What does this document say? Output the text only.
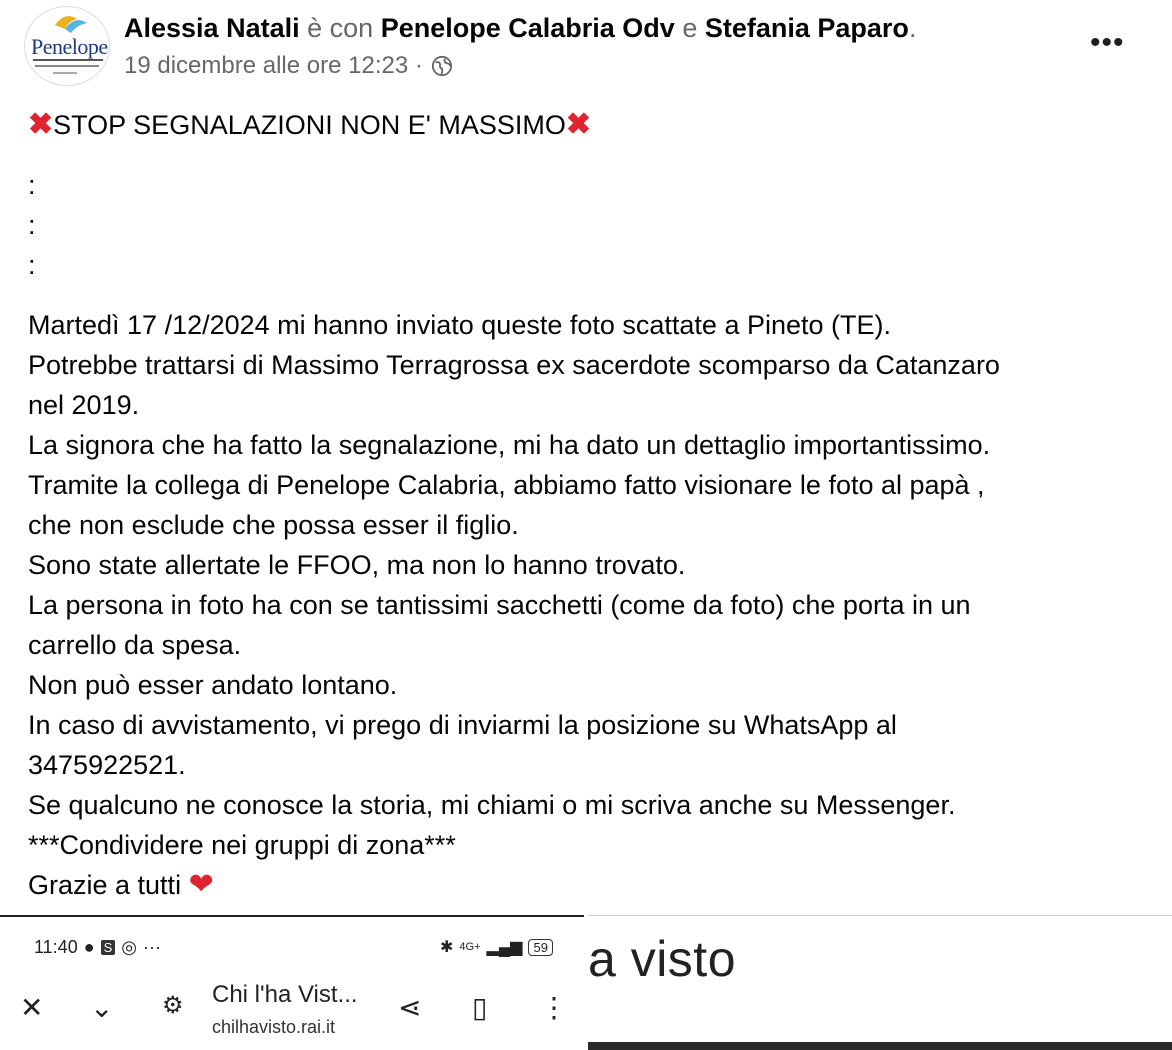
Penelope
Alessia Natali è con Penelope Calabria Odv e Stefania Paparo.
19 dicembre alle ore 12:23 ·
•••
✖STOP SEGNALAZIONI NON E' MASSIMO✖
:
:
:
Martedì 17 /12/2024 mi hanno inviato queste foto scattate a Pineto (TE).
Potrebbe trattarsi di Massimo Terragrossa ex sacerdote scomparso da Catanzaro
nel 2019.
La signora che ha fatto la segnalazione, mi ha dato un dettaglio importantissimo.
Tramite la collega di Penelope Calabria, abbiamo fatto visionare le foto al papà ,
che non esclude che possa esser il figlio.
Sono state allertate le FFOO, ma non lo hanno trovato.
La persona in foto ha con se tantissimi sacchetti (come da foto) che porta in un
carrello da spesa.
Non può esser andato lontano.
In caso di avvistamento, vi prego di inviarmi la posizione su WhatsApp al
3475922521.
Se qualcuno ne conosce la storia, mi chiami o mi scriva anche su Messenger.
***Condividere nei gruppi di zona***
Grazie a tutti ❤
11:40 ● S ◎ ···	✱ 4G+ ▂▄▆ 59
✕ ⌄ ⚙ Chi l'ha Vist...
chilhavisto.rai.it
⋖ ▯ ⋮
a visto
